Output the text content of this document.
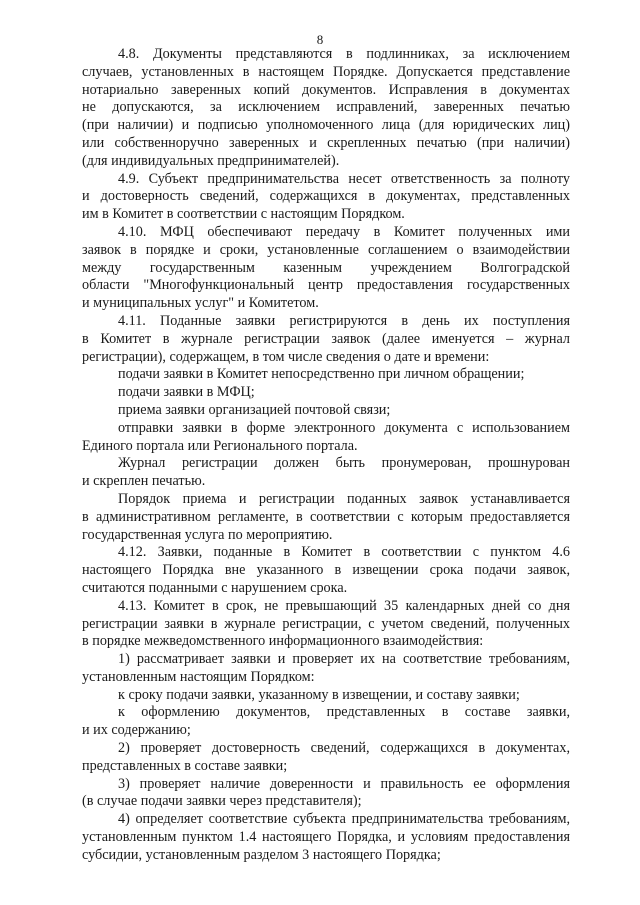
8
4.8. Документы представляются в подлинниках, за исключением
случаев, установленных в настоящем Порядке. Допускается представление
нотариально заверенных копий документов. Исправления в документах
не допускаются, за исключением исправлений, заверенных печатью
(при наличии) и подписью уполномоченного лица (для юридических лиц)
или собственноручно заверенных и скрепленных печатью (при наличии)
(для индивидуальных предпринимателей).
4.9. Субъект предпринимательства несет ответственность за полноту
и достоверность сведений, содержащихся в документах, представленных
им в Комитет в соответствии с настоящим Порядком.
4.10. МФЦ обеспечивают передачу в Комитет полученных ими
заявок в порядке и сроки, установленные соглашением о взаимодействии
между государственным казенным учреждением Волгоградской
области "Многофункциональный центр предоставления государственных
и муниципальных услуг" и Комитетом.
4.11. Поданные заявки регистрируются в день их поступления
в Комитет в журнале регистрации заявок (далее именуется – журнал
регистрации), содержащем, в том числе сведения о дате и времени:
подачи заявки в Комитет непосредственно при личном обращении;
подачи заявки в МФЦ;
приема заявки организацией почтовой связи;
отправки заявки в форме электронного документа с использованием
Единого портала или Регионального портала.
Журнал регистрации должен быть пронумерован, прошнурован
и скреплен печатью.
Порядок приема и регистрации поданных заявок устанавливается
в административном регламенте, в соответствии с которым предоставляется
государственная услуга по мероприятию.
4.12. Заявки, поданные в Комитет в соответствии с пунктом 4.6
настоящего Порядка вне указанного в извещении срока подачи заявок,
считаются поданными с нарушением срока.
4.13. Комитет в срок, не превышающий 35 календарных дней со дня
регистрации заявки в журнале регистрации, с учетом сведений, полученных
в порядке межведомственного информационного взаимодействия:
1) рассматривает заявки и проверяет их на соответствие требованиям,
установленным настоящим Порядком:
к сроку подачи заявки, указанному в извещении, и составу заявки;
к оформлению документов, представленных в составе заявки,
и их содержанию;
2) проверяет достоверность сведений, содержащихся в документах,
представленных в составе заявки;
3) проверяет наличие доверенности и правильность ее оформления
(в случае подачи заявки через представителя);
4) определяет соответствие субъекта предпринимательства требованиям,
установленным пунктом 1.4 настоящего Порядка, и условиям предоставления
субсидии, установленным разделом 3 настоящего Порядка;
